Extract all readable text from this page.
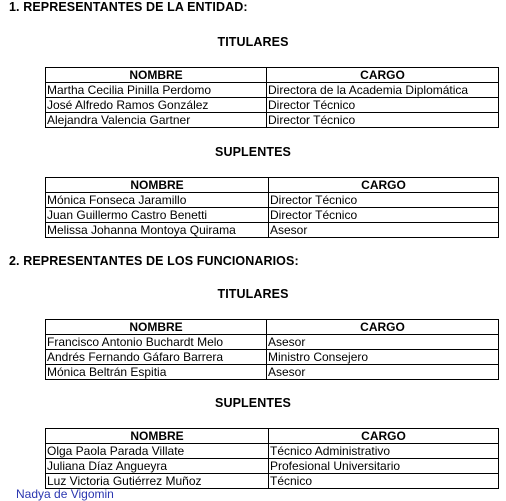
1. REPRESENTANTES DE LA ENTIDAD:
TITULARES
NOMBRE	CARGO
Martha Cecilia Pinilla Perdomo	Directora de la Academia Diplomática
José Alfredo Ramos González	Director Técnico
Alejandra Valencia Gartner	Director Técnico
SUPLENTES
NOMBRE	CARGO
Mónica Fonseca Jaramillo	Director Técnico
Juan Guillermo Castro Benetti	Director Técnico
Melissa Johanna Montoya Quirama	Asesor
2. REPRESENTANTES DE LOS FUNCIONARIOS:
TITULARES
NOMBRE	CARGO
Francisco Antonio Buchardt Melo	Asesor
Andrés Fernando Gáfaro Barrera	Ministro Consejero
Mónica Beltrán Espitia	Asesor
SUPLENTES
NOMBRE	CARGO
Olga Paola Parada Villate	Técnico Administrativo
Juliana Díaz Angueyra	Profesional Universitario
Luz Victoria Gutiérrez Muñoz	Técnico
Nadya de Vigomin
